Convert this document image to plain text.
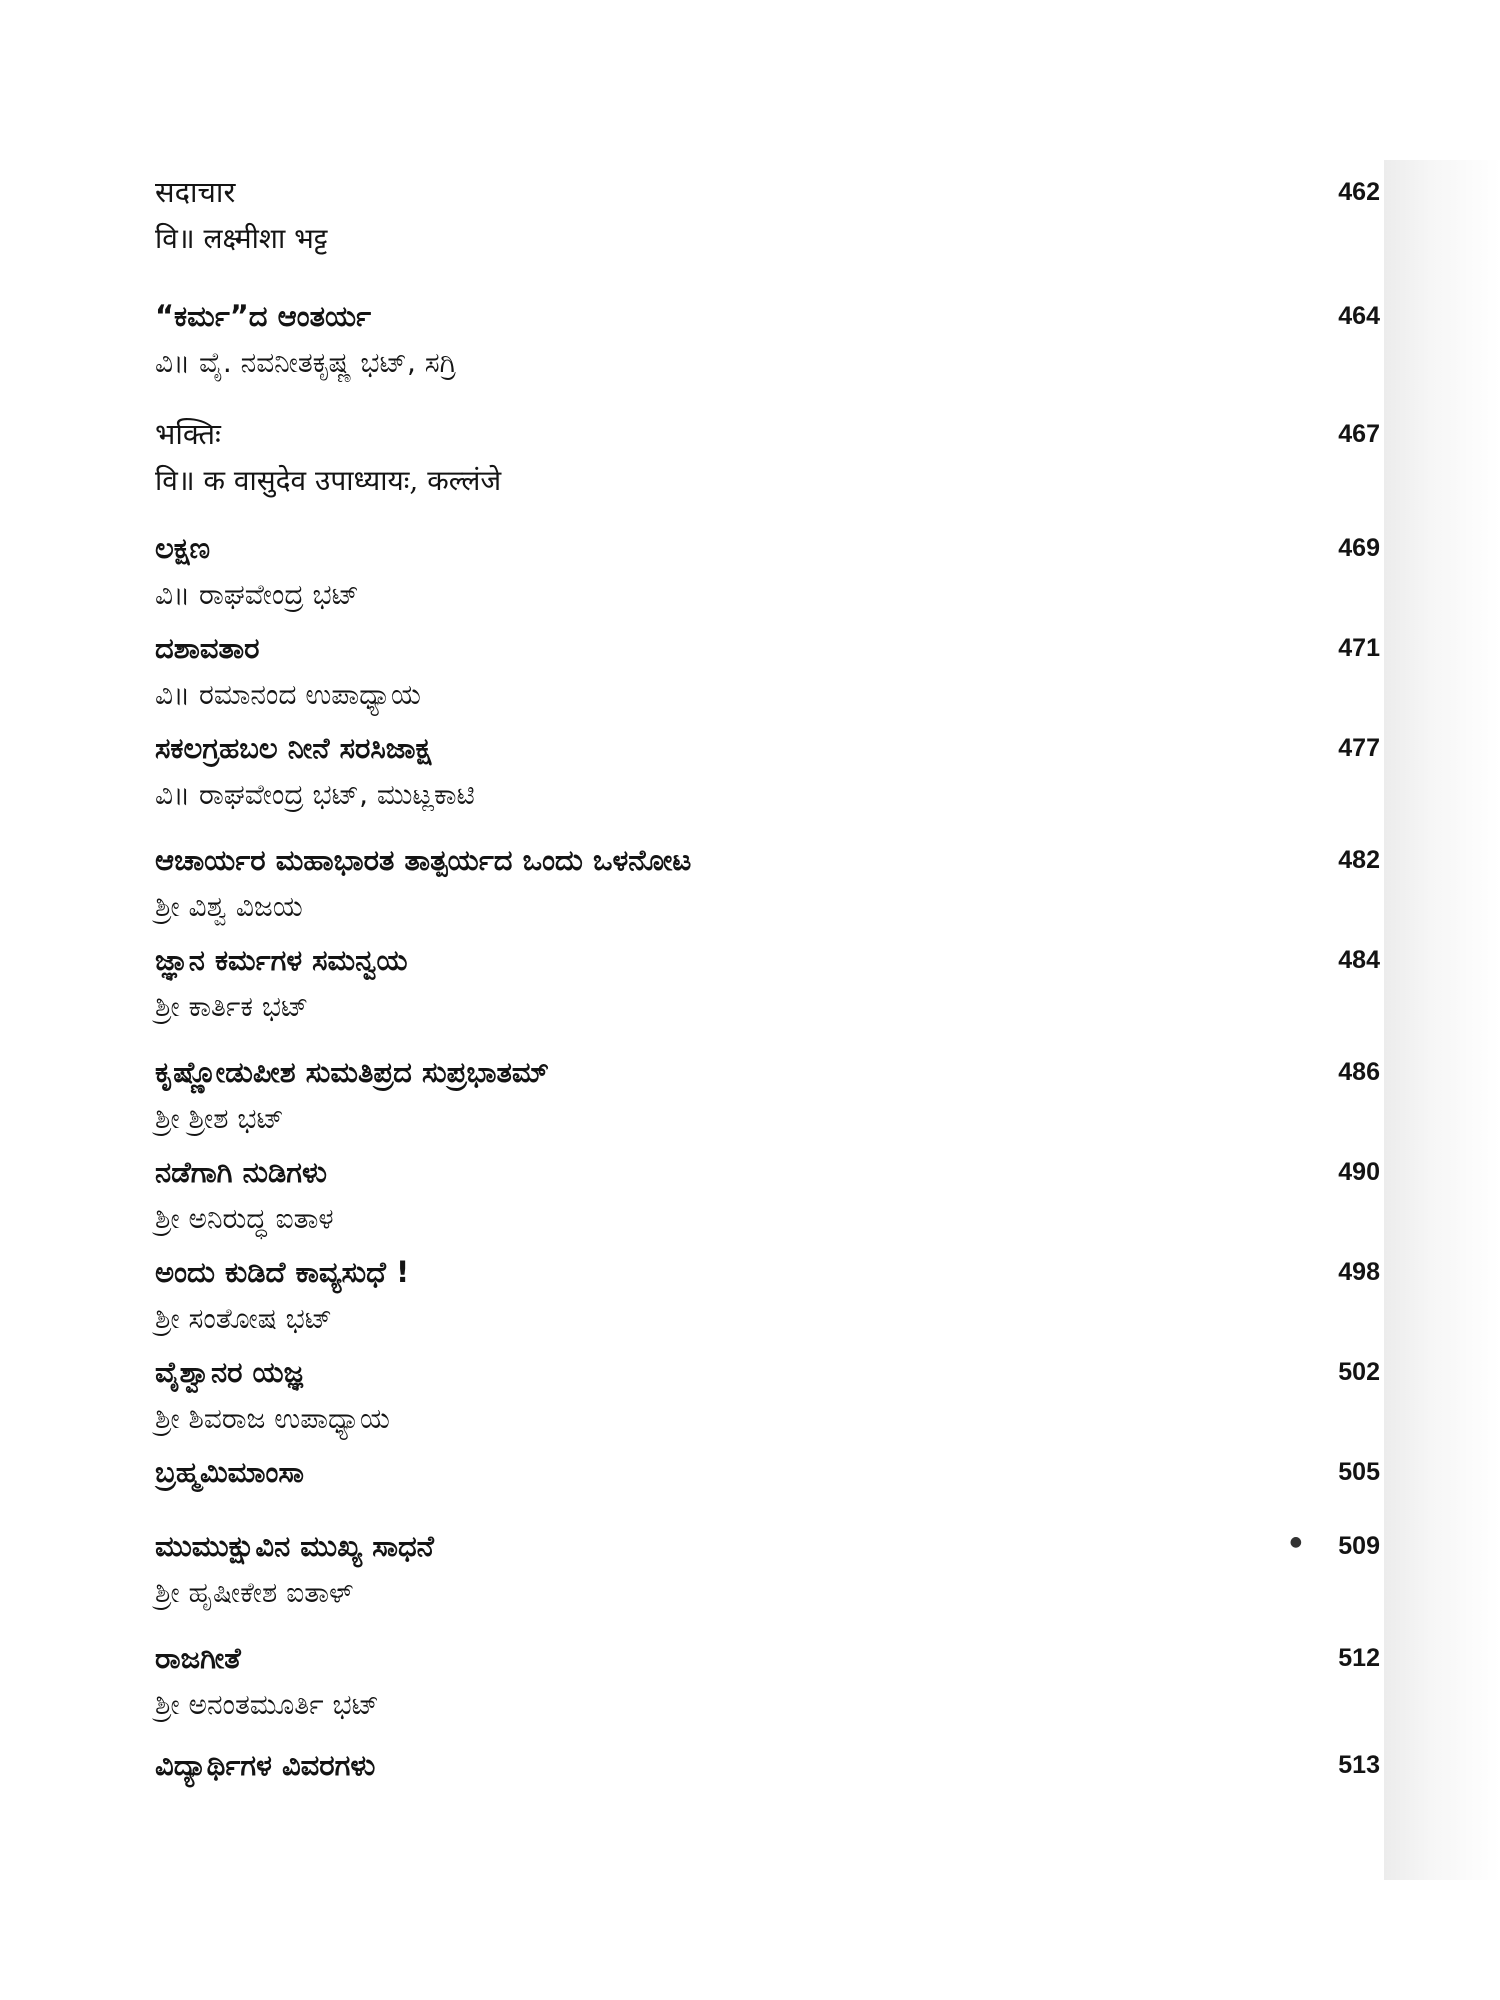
सदाचार
वि॥ लक्ष्मीशा भट्ट
462
“ಕರ್ಮ”ದ ಆಂತರ್ಯ
ವಿ॥ ವೈ. ನವನೀತಕೃಷ್ಣ ಭಟ್, ಸಗ್ರಿ
464
भक्तिः
वि॥ क वासुदेव उपाध्यायः, कल्लंजे
467
ಲಕ್ಷಣ
ವಿ॥ ರಾಘವೇಂದ್ರ ಭಟ್
469
ದಶಾವತಾರ
ವಿ॥ ರಮಾನಂದ ಉಪಾಧ್ಯಾಯ
471
ಸಕಲಗ್ರಹಬಲ ನೀನೆ ಸರಸಿಜಾಕ್ಷ
ವಿ॥ ರಾಘವೇಂದ್ರ ಭಟ್, ಮುಟ್ಲಕಾಟಿ
477
ಆಚಾರ್ಯರ ಮಹಾಭಾರತ ತಾತ್ಪರ್ಯದ ಒಂದು ಒಳನೋಟ
ಶ್ರೀ ವಿಶ್ವ ವಿಜಯ
482
ಜ್ಞಾನ ಕರ್ಮಗಳ ಸಮನ್ವಯ
ಶ್ರೀ ಕಾರ್ತಿಕ ಭಟ್
484
ಕೃಷ್ಣೋಡುಪೀಶ ಸುಮತಿಪ್ರದ ಸುಪ್ರಭಾತಮ್
ಶ್ರೀ ಶ್ರೀಶ ಭಟ್
486
ನಡೆಗಾಗಿ ನುಡಿಗಳು
ಶ್ರೀ ಅನಿರುದ್ಧ ಐತಾಳ
490
ಅಂದು ಕುಡಿದೆ ಕಾವ್ಯಸುಧೆ !
ಶ್ರೀ ಸಂತೋಷ ಭಟ್
498
ವೈಶ್ವಾನರ ಯಜ್ಞ
ಶ್ರೀ ಶಿವರಾಜ ಉಪಾಧ್ಯಾಯ
502
ಬ್ರಹ್ಮಮಿಮಾಂಸಾ	505
ಮುಮುಕ್ಷುವಿನ ಮುಖ್ಯ ಸಾಧನೆ
ಶ್ರೀ ಹೃಷೀಕೇಶ ಐತಾಳ್
509
●
ರಾಜಗೀತೆ
ಶ್ರೀ ಅನಂತಮೂರ್ತಿ ಭಟ್
512
ವಿದ್ಯಾರ್ಥಿಗಳ ವಿವರಗಳು	513
